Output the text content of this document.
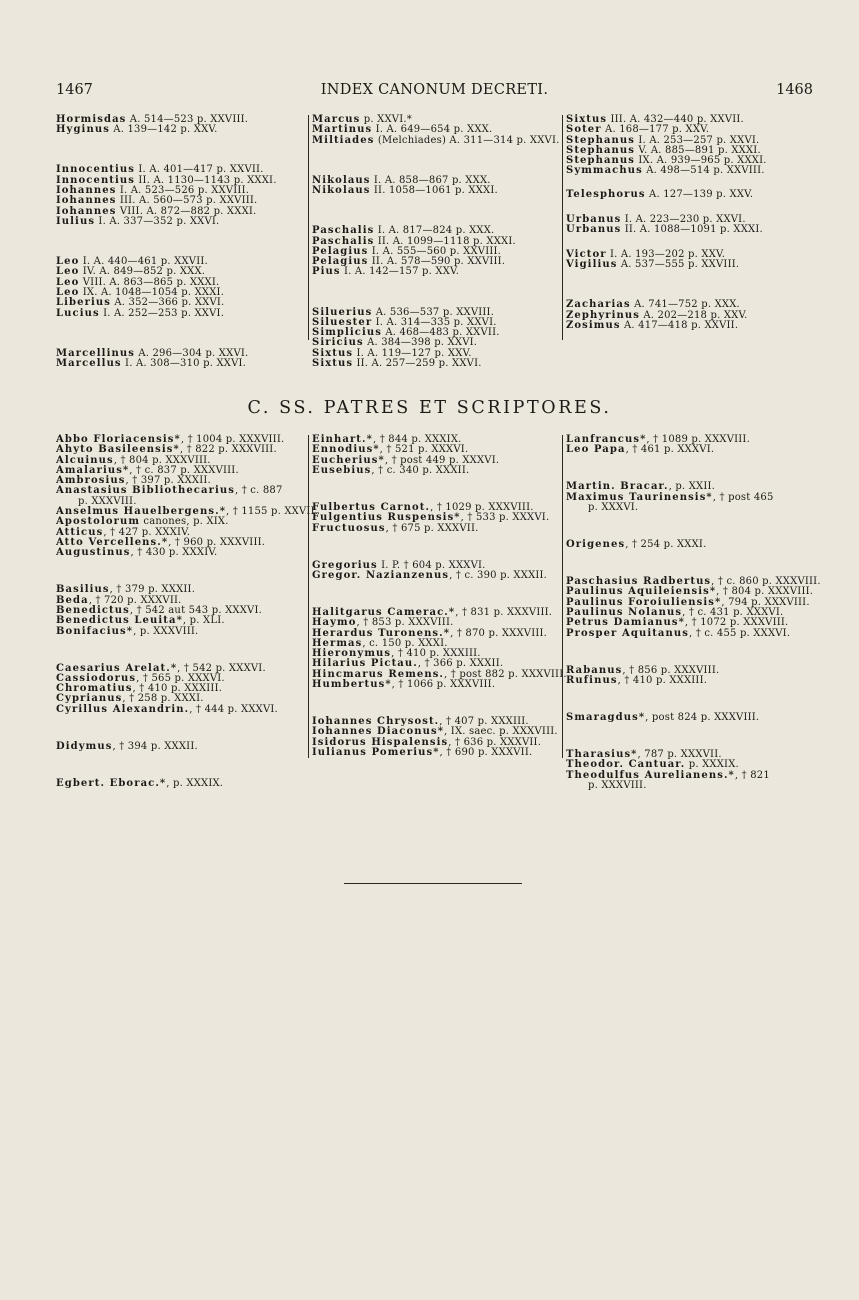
1467	INDEX CANONUM DECRETI.	1468
Hormisdas A. 514—523 p. XXVIII.
Hyginus A. 139—142 p. XXV.
Innocentius I. A. 401—417 p. XXVII.
Innocentius II. A. 1130—1143 p. XXXI.
Iohannes I. A. 523—526 p. XXVIII.
Iohannes III. A. 560—573 p. XXVIII.
Iohannes VIII. A. 872—882 p. XXXI.
Iulius I. A. 337—352 p. XXVI.
Leo I. A. 440—461 p. XXVII.
Leo IV. A. 849—852 p. XXX.
Leo VIII. A. 863—865 p. XXXI.
Leo IX. A. 1048—1054 p. XXXI.
Liberius A. 352—366 p. XXVI.
Lucius I. A. 252—253 p. XXVI.
Marcellinus A. 296—304 p. XXVI.
Marcellus I. A. 308—310 p. XXVI.
Marcus p. XXVI.*
Martinus I. A. 649—654 p. XXX.
Miltiades (Melchiades) A. 311—314 p. XXVI.
Nikolaus I. A. 858—867 p. XXX.
Nikolaus II. 1058—1061 p. XXXI.
Paschalis I. A. 817—824 p. XXX.
Paschalis II. A. 1099—1118 p. XXXI.
Pelagius I. A. 555—560 p. XXVIII.
Pelagius II. A. 578—590 p. XXVIII.
Pius I. A. 142—157 p. XXV.
Siluerius A. 536—537 p. XXVIII.
Siluester I. A. 314—335 p. XXVI.
Simplicius A. 468—483 p. XXVII.
Siricius A. 384—398 p. XXVI.
Sixtus I. A. 119—127 p. XXV.
Sixtus II. A. 257—259 p. XXVI.
Sixtus III. A. 432—440 p. XXVII.
Soter A. 168—177 p. XXV.
Stephanus I. A. 253—257 p. XXVI.
Stephanus V. A. 885—891 p. XXXI.
Stephanus IX. A. 939—965 p. XXXI.
Symmachus A. 498—514 p. XXVIII.
Telesphorus A. 127—139 p. XXV.
Urbanus I. A. 223—230 p. XXVI.
Urbanus II. A. 1088—1091 p. XXXI.
Victor I. A. 193—202 p. XXV.
Vigilius A. 537—555 p. XXVIII.
Zacharias A. 741—752 p. XXX.
Zephyrinus A. 202—218 p. XXV.
Zosimus A. 417—418 p. XXVII.
C. SS. PATRES ET SCRIPTORES.
Abbo Floriacensis*, † 1004 p. XXXVIII.
Ahyto Basileensis*, † 822 p. XXXVIII.
Alcuinus, † 804 p. XXXVIII.
Amalarius*, † c. 837 p. XXXVIII.
Ambrosius, † 397 p. XXXII.
Anastasius Bibliothecarius, † c. 887
p. XXXVIII.
Anselmus Hauelbergens.*, † 1155 p. XXVII.
Apostolorum canones, p. XIX.
Atticus, † 427 p. XXXIV.
Atto Vercellens.*, † 960 p. XXXVIII.
Augustinus, † 430 p. XXXIV.
Basilius, † 379 p. XXXII.
Beda, † 720 p. XXXVII.
Benedictus, † 542 aut 543 p. XXXVI.
Benedictus Leuita*, p. XLI.
Bonifacius*, p. XXXVIII.
Caesarius Arelat.*, † 542 p. XXXVI.
Cassiodorus, † 565 p. XXXVI.
Chromatius, † 410 p. XXXIII.
Cyprianus, † 258 p. XXXI.
Cyrillus Alexandrin., † 444 p. XXXVI.
Didymus, † 394 p. XXXII.
Egbert. Eborac.*, p. XXXIX.
Einhart.*, † 844 p. XXXIX.
Ennodius*, † 521 p. XXXVI.
Eucherius*, † post 449 p. XXXVI.
Eusebius, † c. 340 p. XXXII.
Fulbertus Carnot., † 1029 p. XXXVIII.
Fulgentius Ruspensis*, † 533 p. XXXVI.
Fructuosus, † 675 p. XXXVII.
Gregorius I. P. † 604 p. XXXVI.
Gregor. Nazianzenus, † c. 390 p. XXXII.
Halitgarus Camerac.*, † 831 p. XXXVIII.
Haymo, † 853 p. XXXVIII.
Herardus Turonens.*, † 870 p. XXXVIII.
Hermas, c. 150 p. XXXI.
Hieronymus, † 410 p. XXXIII.
Hilarius Pictau., † 366 p. XXXII.
Hincmarus Remens., † post 882 p. XXXVIII.
Humbertus*, † 1066 p. XXXVIII.
Iohannes Chrysost., † 407 p. XXXIII.
Iohannes Diaconus*, IX. saec. p. XXXVIII.
Isidorus Hispalensis, † 636 p. XXXVII.
Iulianus Pomerius*, † 690 p. XXXVII.
Lanfrancus*, † 1089 p. XXXVIII.
Leo Papa, † 461 p. XXXVI.
Martin. Bracar., p. XXII.
Maximus Taurinensis*, † post 465
p. XXXVI.
Origenes, † 254 p. XXXI.
Paschasius Radbertus, † c. 860 p. XXXVIII.
Paulinus Aquileiensis*, † 804 p. XXXVIII.
Paulinus Foroiuliensis*, 794 p. XXXVIII.
Paulinus Nolanus, † c. 431 p. XXXVI.
Petrus Damianus*, † 1072 p. XXXVIII.
Prosper Aquitanus, † c. 455 p. XXXVI.
Rabanus, † 856 p. XXXVIII.
Rufinus, † 410 p. XXXIII.
Smaragdus*, post 824 p. XXXVIII.
Tharasius*, 787 p. XXXVII.
Theodor. Cantuar. p. XXXIX.
Theodulfus Aurelianens.*, † 821
p. XXXVIII.
